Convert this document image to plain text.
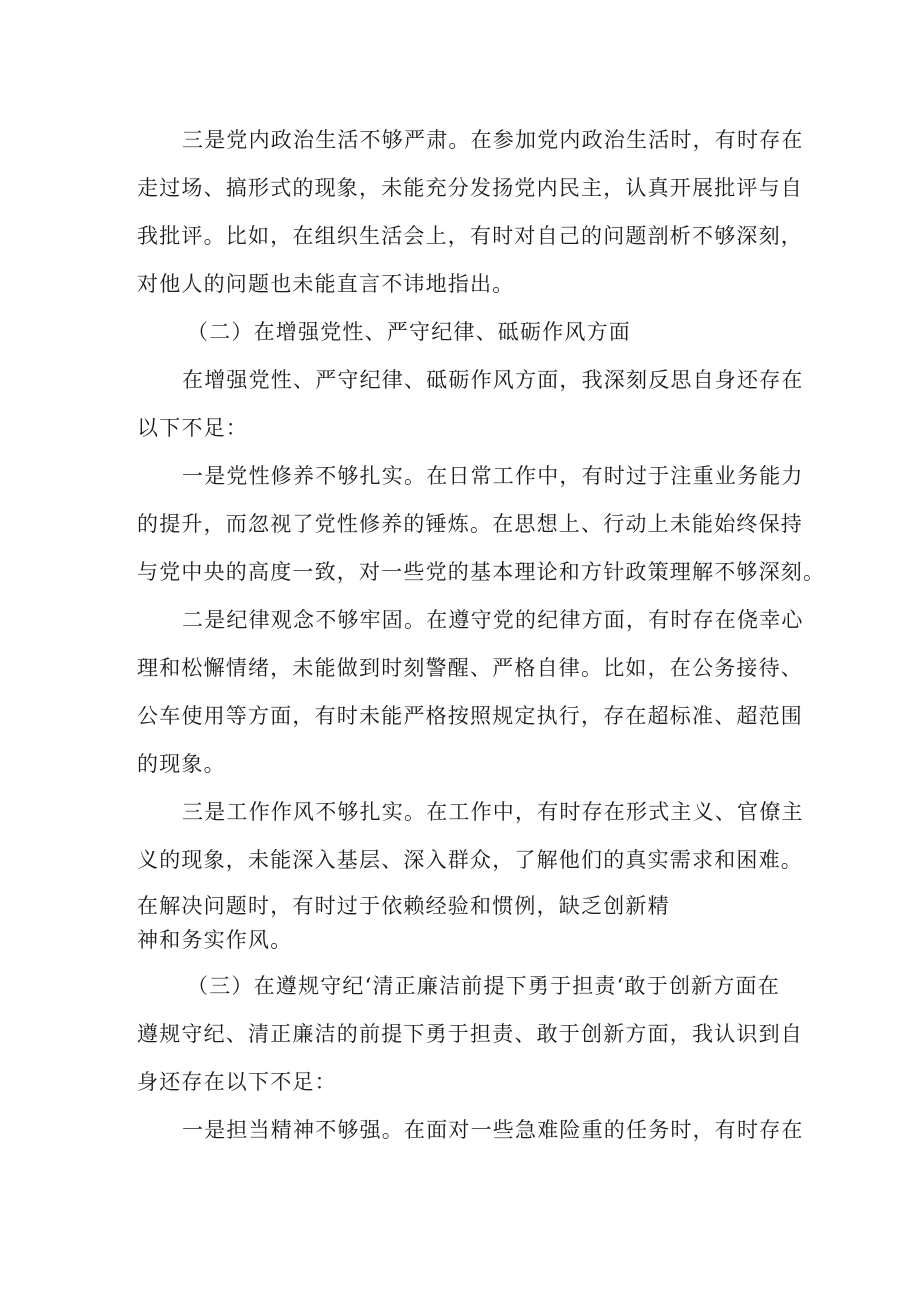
三是党内政治生活不够严肃。在参加党内政治生活时，有时存在
走过场、搞形式的现象，未能充分发扬党内民主，认真开展批评与自
我批评。比如，在组织生活会上，有时对自己的问题剖析不够深刻，
对他人的问题也未能直言不讳地指出。
（二）在增强党性、严守纪律、砥砺作风方面
在增强党性、严守纪律、砥砺作风方面，我深刻反思自身还存在
以下不足：
一是党性修养不够扎实。在日常工作中，有时过于注重业务能力
的提升，而忽视了党性修养的锤炼。在思想上、行动上未能始终保持
与党中央的高度一致，对一些党的基本理论和方针政策理解不够深刻。
二是纪律观念不够牢固。在遵守党的纪律方面，有时存在侥幸心
理和松懈情绪，未能做到时刻警醒、严格自律。比如，在公务接待、
公车使用等方面，有时未能严格按照规定执行，存在超标准、超范围
的现象。
三是工作作风不够扎实。在工作中，有时存在形式主义、官僚主
义的现象，未能深入基层、深入群众，了解他们的真实需求和困难。
在解决问题时，有时过于依赖经验和惯例，缺乏创新精
神和务实作风。
（三）在遵规守纪‘清正廉洁前提下勇于担责‘敢于创新方面在
遵规守纪、清正廉洁的前提下勇于担责、敢于创新方面，我认识到自
身还存在以下不足：
一是担当精神不够强。在面对一些急难险重的任务时，有时存在
